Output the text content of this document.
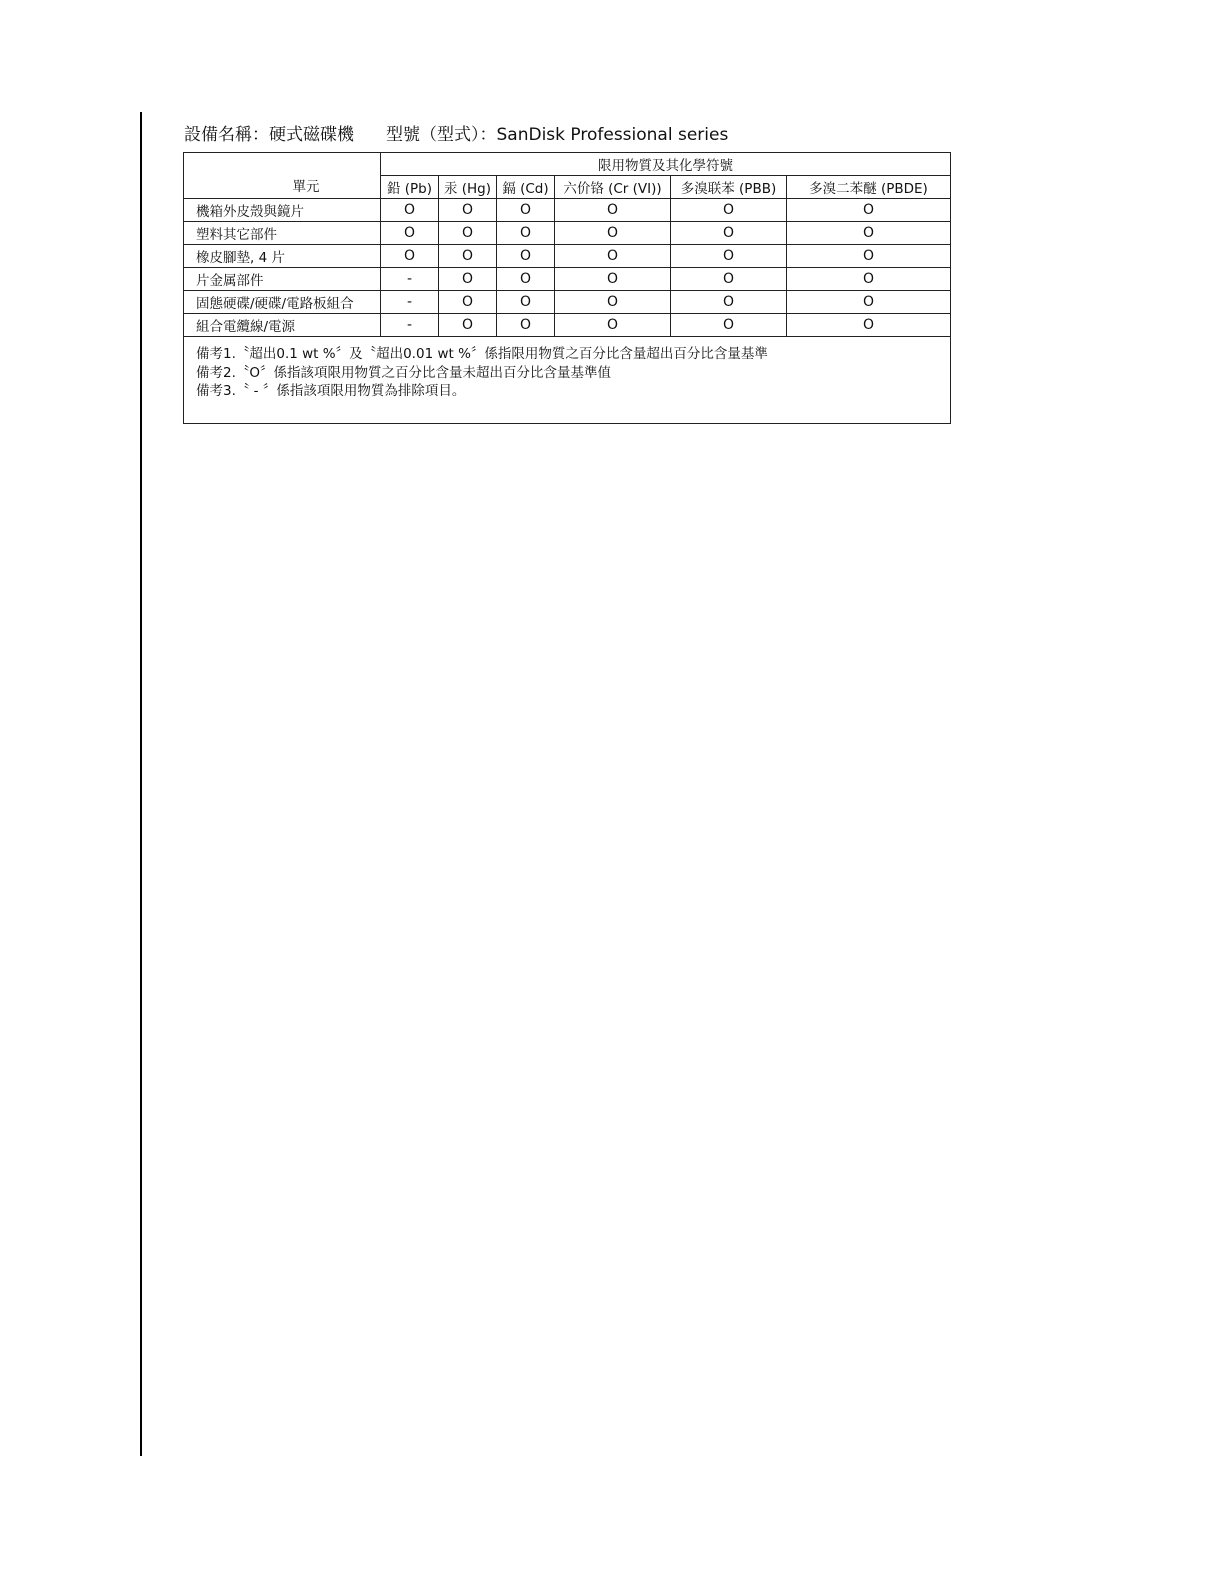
設備名稱：硬式磁碟機 型號（型式）：SanDisk Professional series
單元	限用物質及其化學符號					
	鉛 (Pb)	汞 (Hg)	鎘 (Cd)	六价铬 (Cr (VI))	多溴联苯 (PBB)	多溴二苯醚 (PBDE)
機箱外皮殼與鏡片	O	O	O	O	O	O
塑料其它部件	O	O	O	O	O	O
橡皮腳墊, 4 片	O	O	O	O	O	O
片金属部件	-	O	O	O	O	O
固態硬碟/硬碟/電路板組合	-	O	O	O	O	O
組合電纜線/電源	-	O	O	O	O	O

備考1.〝超出0.1 wt %〞及〝超出0.01 wt %〞係指限用物質之百分比含量超出百分比含量基準
備考2.〝O〞係指該項限用物質之百分比含量未超出百分比含量基準值
備考3.〝 - 〞係指該項限用物質為排除項目。						
